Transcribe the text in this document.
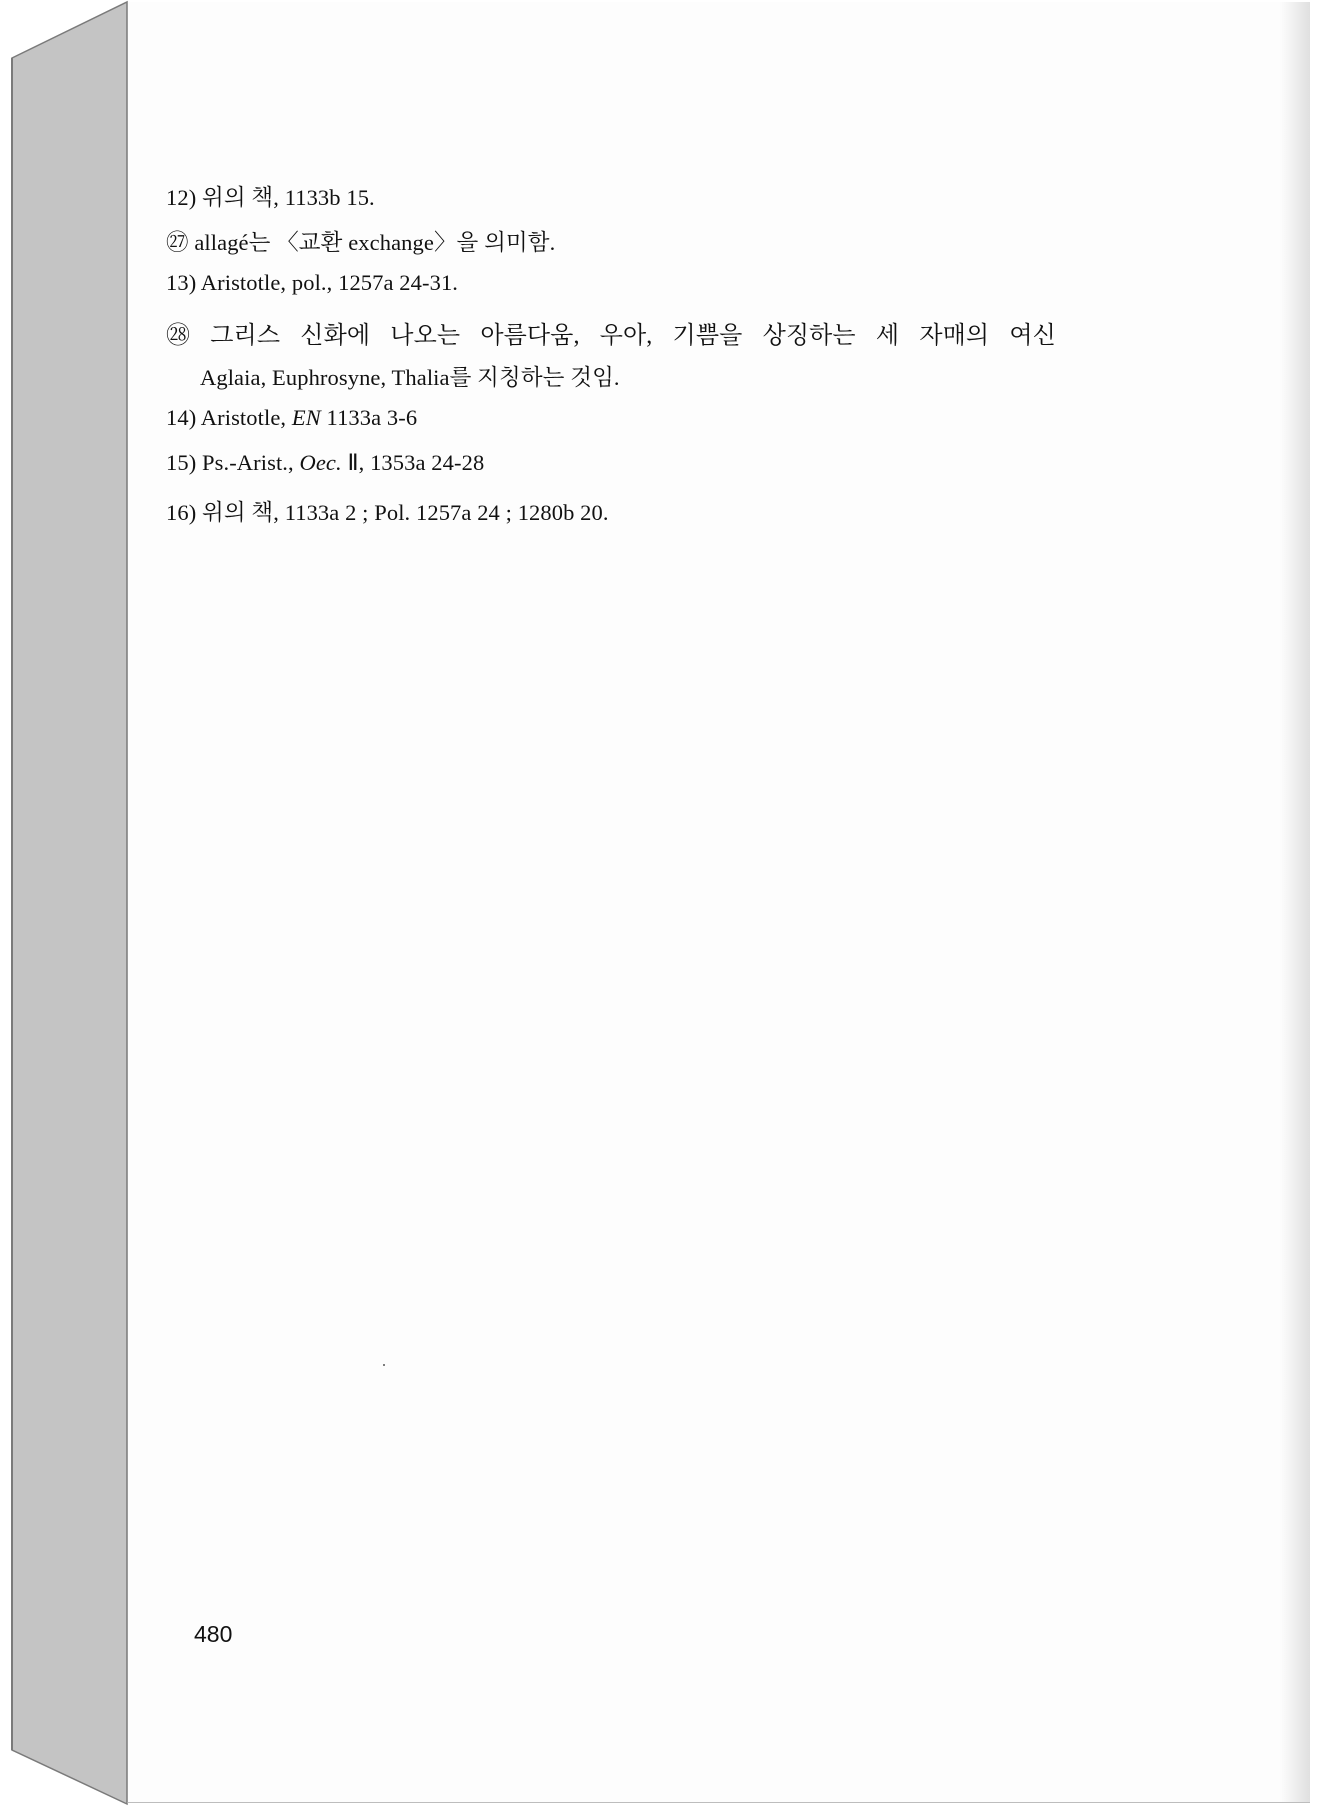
12) 위의 책, 1133b 15.
㉗ allagé는 〈교환 exchange〉을 의미함.
13) Aristotle, pol., 1257a 24-31.
㉘ 그리스 신화에 나오는 아름다움, 우아, 기쁨을 상징하는 세 자매의 여신
Aglaia, Euphrosyne, Thalia를 지칭하는 것임.
14) Aristotle, EN 1133a 3-6
15) Ps.-Arist., Oec. Ⅱ, 1353a 24-28
16) 위의 책, 1133a 2 ; Pol. 1257a 24 ; 1280b 20.
480
